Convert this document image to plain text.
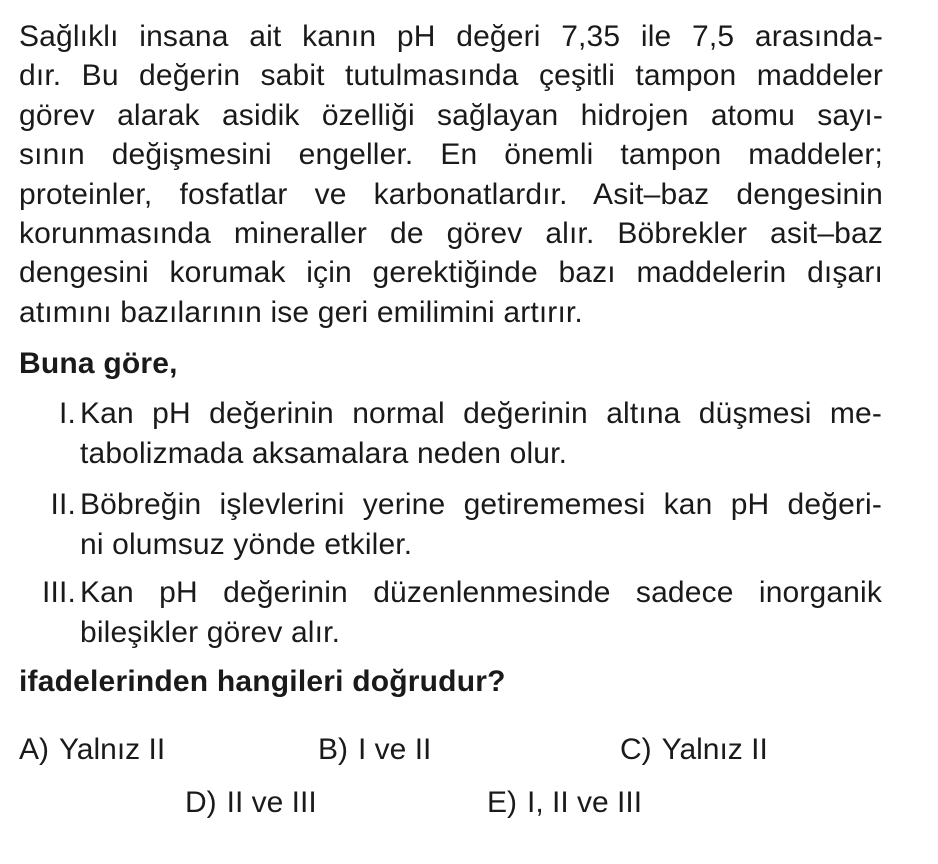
Sağlıklı insana ait kanın pH değeri 7,35 ile 7,5 arasında-
dır. Bu değerin sabit tutulmasında çeşitli tampon maddeler
görev alarak asidik özelliği sağlayan hidrojen atomu sayı-
sının değişmesini engeller. En önemli tampon maddeler;
proteinler, fosfatlar ve karbonatlardır. Asit–baz dengesinin
korunmasında mineraller de görev alır. Böbrekler asit–baz
dengesini korumak için gerektiğinde bazı maddelerin dışarı
atımını bazılarının ise geri emilimini artırır.
Buna göre,
I. Kan pH değerinin normal değerinin altına düşmesi me-
tabolizmada aksamalara neden olur.
II. Böbreğin işlevlerini yerine getirememesi kan pH değeri-
ni olumsuz yönde etkiler.
III. Kan pH değerinin düzenlenmesinde sadece inorganik
bileşikler görev alır.
ifadelerinden hangileri doğrudur?
A) Yalnız II	B) I ve II	C) Yalnız II
D) II ve III	E) I, II ve III
